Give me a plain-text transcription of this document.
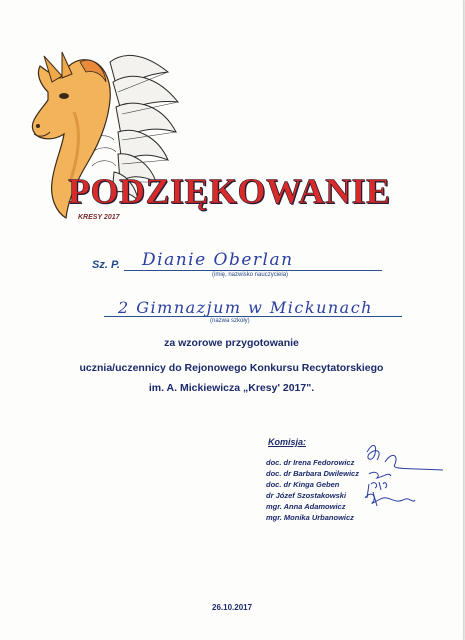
PODZIĘKOWANIE
KRESY 2017
Sz. P. Dianie Oberlan
(imię, nazwisko nauczyciela)
2 Gimnazjum w Mickunach
(nazwa szkoły)
za wzorowe przygotowanie
ucznia/uczennicy do Rejonowego Konkursu Recytatorskiego
im. A. Mickiewicza „Kresy' 2017".
Komisja:
doc. dr Irena Fedorowicz
doc. dr Barbara Dwilewicz
doc. dr Kinga Geben
dr Józef Szostakowski
mgr. Anna Adamowicz
mgr. Monika Urbanowicz
26.10.2017
